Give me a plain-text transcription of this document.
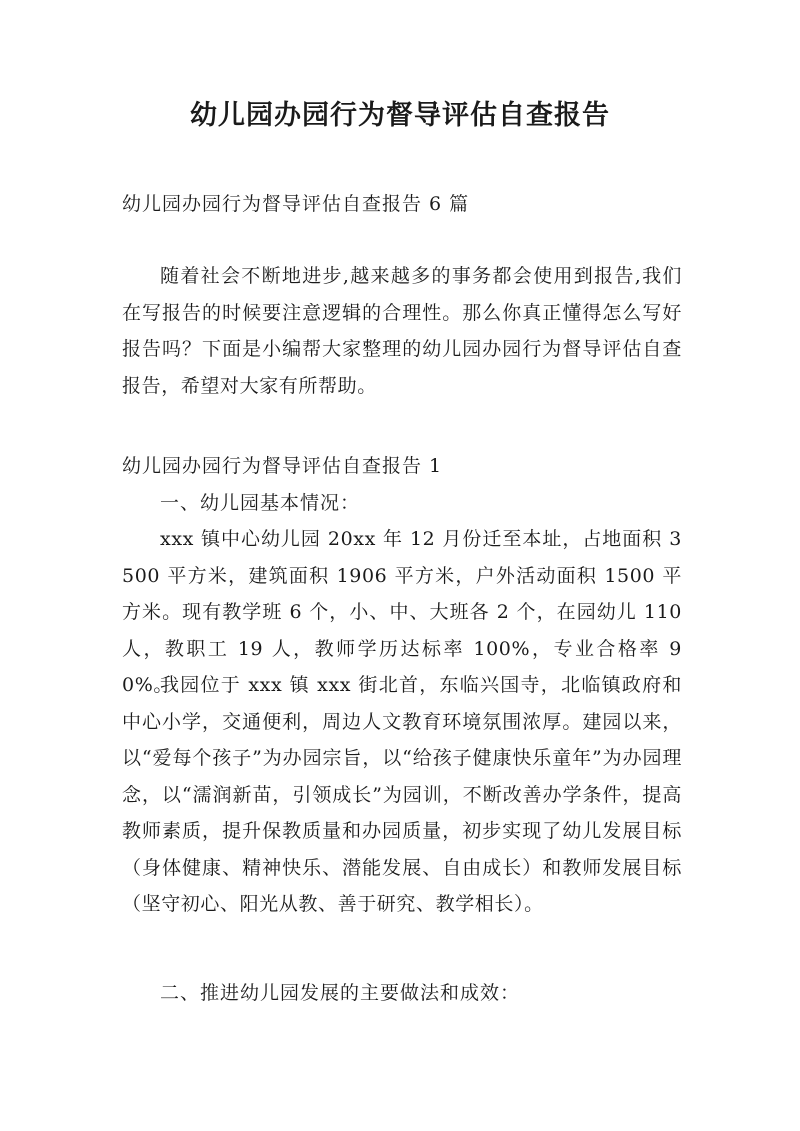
幼儿园办园行为督导评估自查报告

幼儿园办园行为督导评估自查报告 6 篇

随着社会不断地进步,越来越多的事务都会使用到报告,我们在写报告的时候要注意逻辑的合理性。那么你真正懂得怎么写好报告吗？下面是小编帮大家整理的幼儿园办园行为督导评估自查报告，希望对大家有所帮助。

幼儿园办园行为督导评估自查报告 1

一、幼儿园基本情况：

xxx 镇中心幼儿园 20xx 年 12 月份迁至本址，占地面积 3500 平方米，建筑面积 1906 平方米，户外活动面积 1500 平方米。现有教学班 6 个，小、中、大班各 2 个，在园幼儿 110 人，教职工 19 人，教师学历达标率 100%，专业合格率 90%。

我园位于 xxx 镇 xxx 街北首，东临兴国寺，北临镇政府和中心小学，交通便利，周边人文教育环境氛围浓厚。建园以来，以“爱每个孩子”为办园宗旨，以“给孩子健康快乐童年”为办园理念，以“濡润新苗，引领成长”为园训，不断改善办学条件，提高教师素质，提升保教质量和办园质量，初步实现了幼儿发展目标（身体健康、精神快乐、潜能发展、自由成长）和教师发展目标（坚守初心、阳光从教、善于研究、教学相长）。

二、推进幼儿园发展的主要做法和成效：
